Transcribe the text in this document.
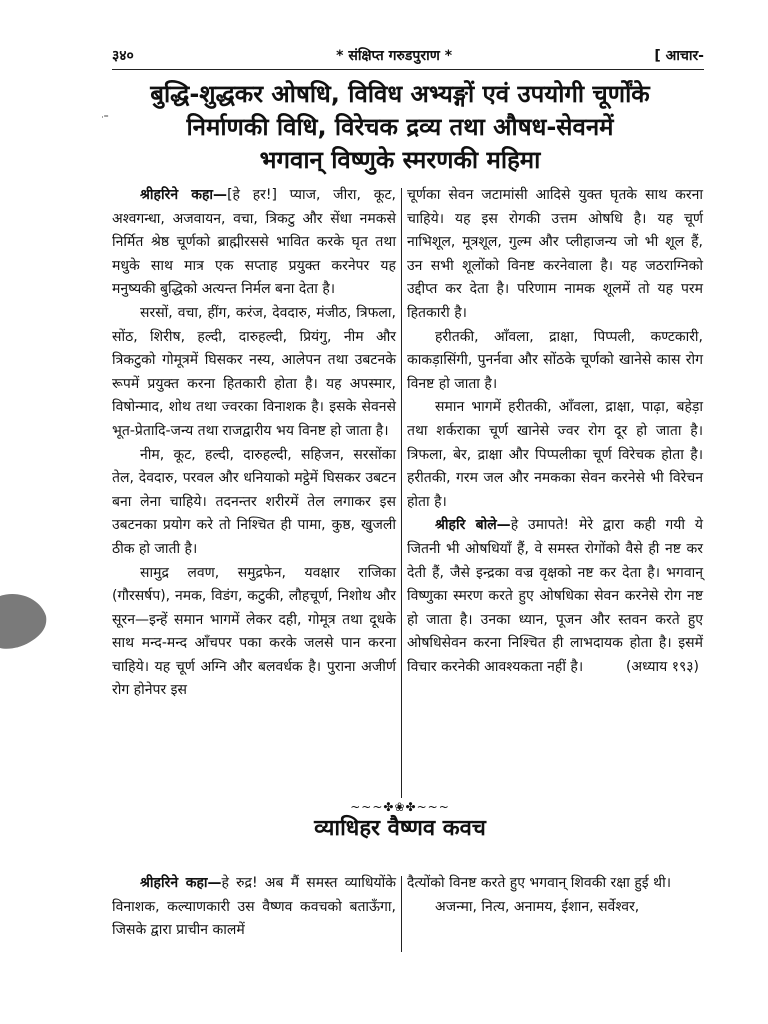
३४०	* संक्षिप्त गरुडपुराण *	[ आचार-
बुद्धि-शुद्धकर ओषधि, विविध अभ्यङ्गों एवं उपयोगी चूर्णोंके
निर्माणकी विधि, विरेचक द्रव्य तथा औषध-सेवनमें
भगवान् विष्णुके स्मरणकी महिमा
ᐧ⁼

श्रीहरिने कहा—[हे हर!] प्याज, जीरा, कूट, अश्वगन्धा, अजवायन, वचा, त्रिकटु और सेंधा नमकसे निर्मित श्रेष्ठ चूर्णको ब्राह्मीरससे भावित करके घृत तथा मधुके साथ मात्र एक सप्ताह प्रयुक्त करनेपर यह मनुष्यकी बुद्धिको अत्यन्त निर्मल बना देता है।

सरसों, वचा, हींग, करंज, देवदारु, मंजीठ, त्रिफला, सोंठ, शिरीष, हल्दी, दारुहल्दी, प्रियंगु, नीम और त्रिकटुको गोमूत्रमें घिसकर नस्य, आलेपन तथा उबटनके रूपमें प्रयुक्त करना हितकारी होता है। यह अपस्मार, विषोन्माद, शोथ तथा ज्वरका विनाशक है। इसके सेवनसे भूत-प्रेतादि-जन्य तथा राजद्वारीय भय विनष्ट हो जाता है।

नीम, कूट, हल्दी, दारुहल्दी, सहिजन, सरसोंका तेल, देवदारु, परवल और धनियाको मट्ठेमें घिसकर उबटन बना लेना चाहिये। तदनन्तर शरीरमें तेल लगाकर इस उबटनका प्रयोग करे तो निश्चित ही पामा, कुष्ठ, खुजली ठीक हो जाती है।

सामुद्र लवण, समुद्रफेन, यवक्षार राजिका (गौरसर्षप), नमक, विडंग, कटुकी, लौहचूर्ण, निशोथ और सूरन—इन्हें समान भागमें लेकर दही, गोमूत्र तथा दूधके साथ मन्द-मन्द आँचपर पका करके जलसे पान करना चाहिये। यह चूर्ण अग्नि और बलवर्धक है। पुराना अजीर्ण रोग होनेपर इस

चूर्णका सेवन जटामांसी आदिसे युक्त घृतके साथ करना चाहिये। यह इस रोगकी उत्तम ओषधि है। यह चूर्ण नाभिशूल, मूत्रशूल, गुल्म और प्लीहाजन्य जो भी शूल हैं, उन सभी शूलोंको विनष्ट करनेवाला है। यह जठराग्निको उद्दीप्त कर देता है। परिणाम नामक शूलमें तो यह परम हितकारी है।

हरीतकी, आँवला, द्राक्षा, पिप्पली, कण्टकारी, काकड़ासिंगी, पुनर्नवा और सोंठके चूर्णको खानेसे कास रोग विनष्ट हो जाता है।

समान भागमें हरीतकी, आँवला, द्राक्षा, पाढ़ा, बहेड़ा तथा शर्कराका चूर्ण खानेसे ज्वर रोग दूर हो जाता है। त्रिफला, बेर, द्राक्षा और पिप्पलीका चूर्ण विरेचक होता है। हरीतकी, गरम जल और नमकका सेवन करनेसे भी विरेचन होता है।

श्रीहरि बोले—हे उमापते! मेरे द्वारा कही गयी ये जितनी भी ओषधियाँ हैं, वे समस्त रोगोंको वैसे ही नष्ट कर देती हैं, जैसे इन्द्रका वज्र वृक्षको नष्ट कर देता है। भगवान् विष्णुका स्मरण करते हुए ओषधिका सेवन करनेसे रोग नष्ट हो जाता है। उनका ध्यान, पूजन और स्तवन करते हुए ओषधिसेवन करना निश्चित ही लाभदायक होता है। इसमें विचार करनेकी आवश्यकता नहीं है।	(अध्याय १९३)
~~~✤❀✤~~~
व्याधिहर वैष्णव कवच

श्रीहरिने कहा—हे रुद्र! अब मैं समस्त व्याधियोंके विनाशक, कल्याणकारी उस वैष्णव कवचको बताऊँगा, जिसके द्वारा प्राचीन कालमें

दैत्योंको विनष्ट करते हुए भगवान् शिवकी रक्षा हुई थी।

अजन्मा, नित्य, अनामय, ईशान, सर्वेश्वर,
